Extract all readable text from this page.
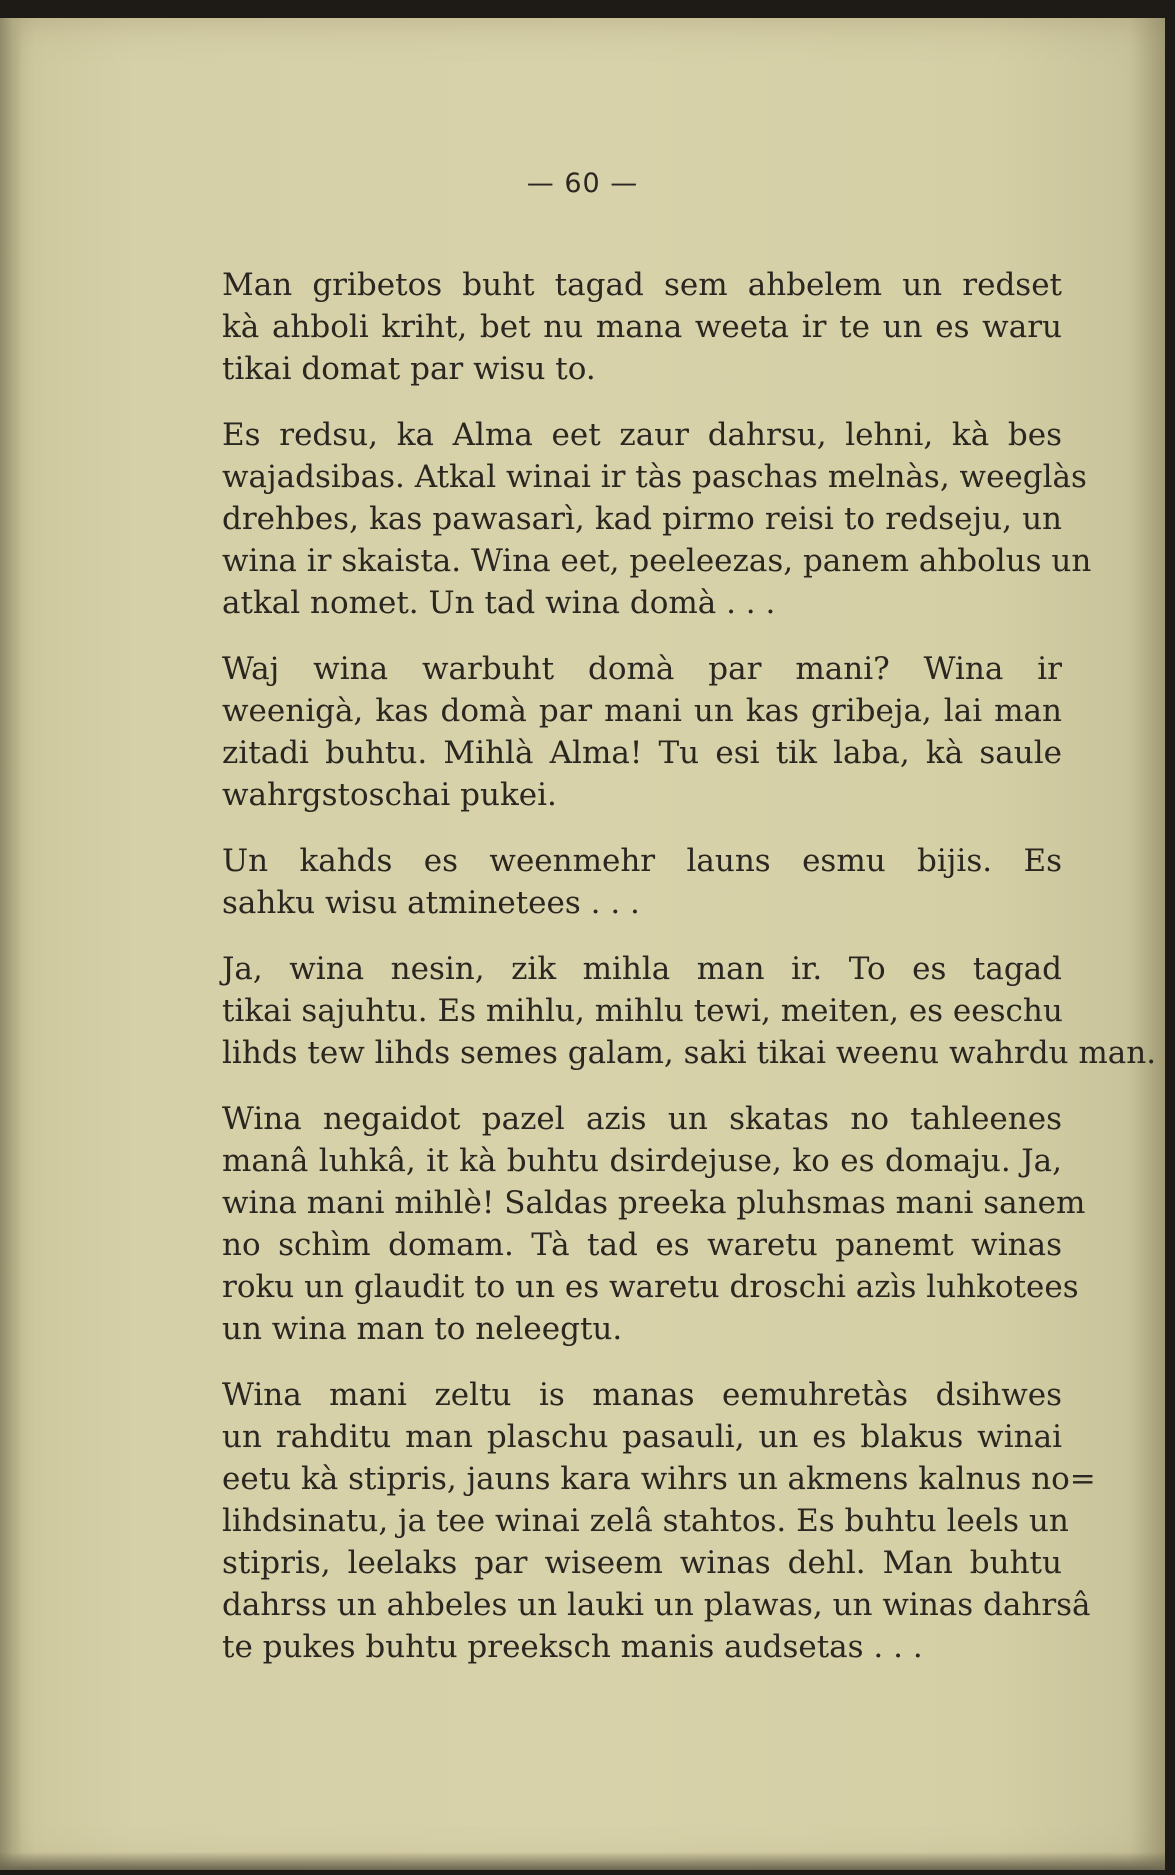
— 60 —

Man gribetos buht tagad sem ahbelem un redset
kà ahboli kriht, bet nu mana weeta ir te un es waru
tikai domat par wisu to.

Es redsu, ka Alma eet zaur dahrsu, lehni, kà bes
wajadsibas. Atkal winai ir tàs paschas melnàs, weeglàs
drehbes, kas pawasarì, kad pirmo reisi to redseju, un
wina ir skaista. Wina eet, peeleezas, panem ahbolus un
atkal nomet. Un tad wina domà . . .

Waj wina warbuht domà par mani? Wina ir
weenigà, kas domà par mani un kas gribeja, lai man
zitadi buhtu. Mihlà Alma! Tu esi tik laba, kà saule
wahrgstoschai pukei.

Un kahds es weenmehr launs esmu bijis. Es
sahku wisu atminetees . . .

Ja, wina nesin, zik mihla man ir. To es tagad
tikai sajuhtu. Es mihlu, mihlu tewi, meiten, es eeschu
lihds tew lihds semes galam, saki tikai weenu wahrdu man.

Wina negaidot pazel azis un skatas no tahleenes
manâ luhkâ, it kà buhtu dsirdejuse, ko es domaju. Ja,
wina mani mihlè! Saldas preeka pluhsmas mani sanem
no schìm domam. Tà tad es waretu panemt winas
roku un glaudit to un es waretu droschi azìs luhkotees
un wina man to neleegtu.

Wina mani zeltu is manas eemuhretàs dsihwes
un rahditu man plaschu pasauli, un es blakus winai
eetu kà stipris, jauns kara wihrs un akmens kalnus no=
lihdsinatu, ja tee winai zelâ stahtos. Es buhtu leels un
stipris, leelaks par wiseem winas dehl. Man buhtu
dahrss un ahbeles un lauki un plawas, un winas dahrsâ
te pukes buhtu preeksch manis audsetas . . .
